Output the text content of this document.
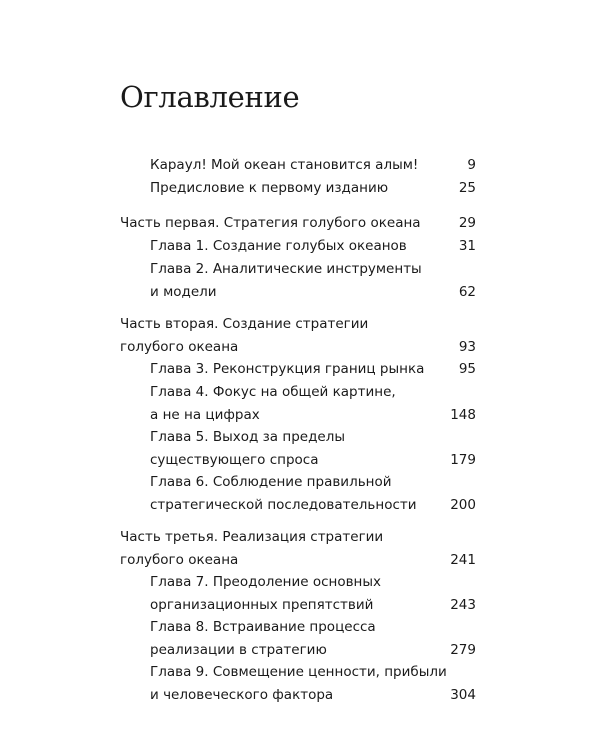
Оглавление
Караул! Мой океан становится алым!	9
Предисловие к первому изданию	25
Часть первая. Стратегия голубого океана	29
Глава 1. Создание голубых океанов	31
Глава 2. Аналитические инструменты
и модели	62
Часть вторая. Создание стратегии
голубого океана	93
Глава 3. Реконструкция границ рынка	95
Глава 4. Фокус на общей картине,
а не на цифрах	148
Глава 5. Выход за пределы
существующего спроса	179
Глава 6. Соблюдение правильной
стратегической последовательности 200
Часть третья. Реализация стратегии
голубого океана	241
Глава 7. Преодоление основных
организационных препятствий	243
Глава 8. Встраивание процесса
реализации в стратегию	279
Глава 9. Совмещение ценности, прибыли
и человеческого фактора	304
